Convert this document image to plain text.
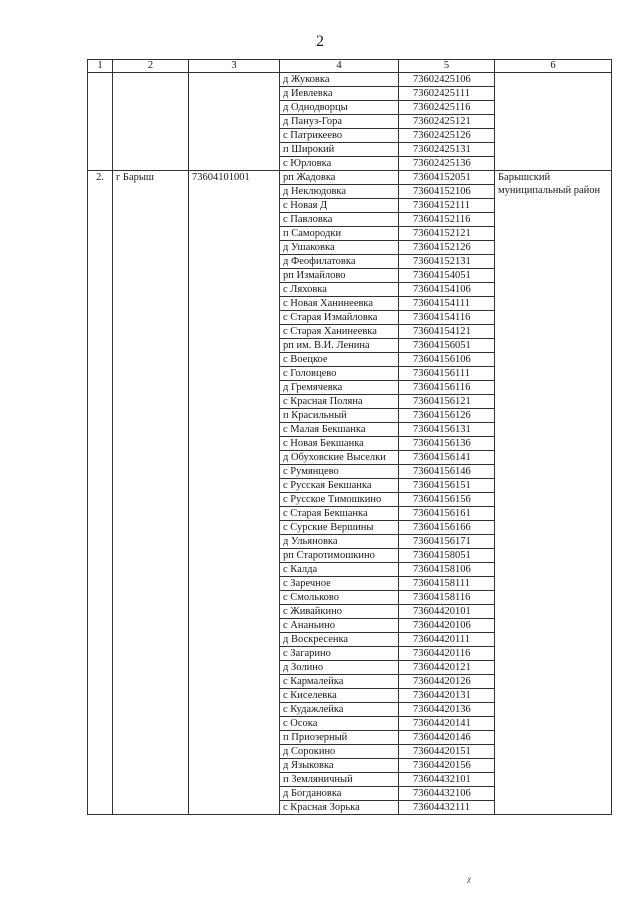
2
1	2	3	4	5	6
			д Жуковка	73602425106	
			д Иевлевка	73602425111	
			д Однодворцы	73602425116	
			д Пануз-Гора	73602425121	
			с Патрикеево	73602425126	
			п Широкий	73602425131	
			с Юрловка	73602425136	
2.	г Барыш	73604101001	рп Жадовка	73604152051	Барышский муниципальный район
			д Неклюдовка	73604152106	
			с Новая Д	73604152111	
			с Павловка	73604152116	
			п Самородки	73604152121	
			д Ушаковка	73604152126	
			д Феофилатовка	73604152131	
			рп Измайлово	73604154051	
			с Ляховка	73604154106	
			с Новая Ханинеевка	73604154111	
			с Старая Измайловка	73604154116	
			с Старая Ханинеевка	73604154121	
			рп им. В.И. Ленина	73604156051	
			с Воецкое	73604156106	
			с Головцево	73604156111	
			д Гремячевка	73604156116	
			с Красная Поляна	73604156121	
			п Красильный	73604156126	
			с Малая Бекшанка	73604156131	
			с Новая Бекшанка	73604156136	
			д Обуховские Выселки	73604156141	
			с Румянцево	73604156146	
			с Русская Бекшанка	73604156151	
			с Русское Тимошкино	73604156156	
			с Старая Бекшанка	73604156161	
			с Сурские Вершины	73604156166	
			д Ульяновка	73604156171	
			рп Старотимошкино	73604158051	
			с Калда	73604158106	
			с Заречное	73604158111	
			с Смольково	73604158116	
			с Живайкино	73604420101	
			с Ананьино	73604420106	
			д Воскресенка	73604420111	
			с Загарино	73604420116	
			д Золино	73604420121	
			с Кармалейка	73604420126	
			с Киселевка	73604420131	
			с Кудажлейка	73604420136	
			с Осока	73604420141	
			п Приозерный	73604420146	
			д Сорокино	73604420151	
			д Языковка	73604420156	
			п Земляничный	73604432101	
			д Богдановка	73604432106	
			с Красная Зорька	73604432111	
ᵡ
